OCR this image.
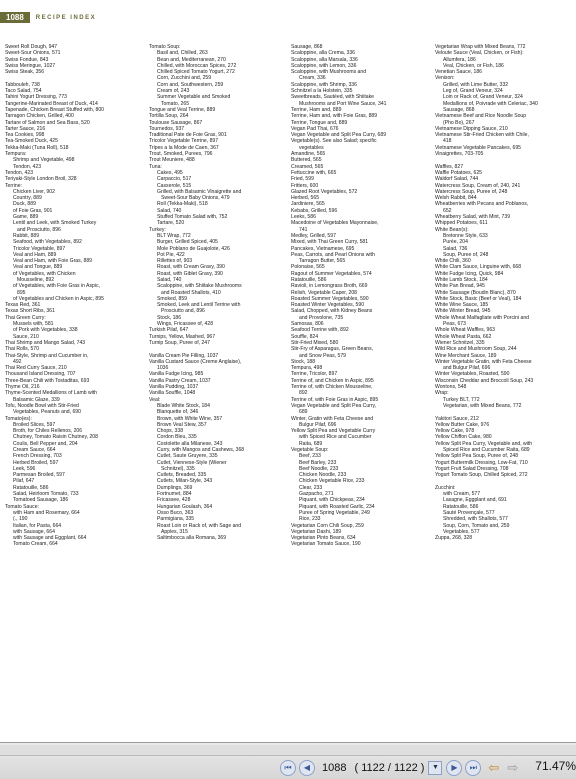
1088	RECIPE INDEX
Sweet Roll Dough, 947
Sweet-Sour Onions, 571
Swiss Fondue, 843
Swiss Meringue, 1027
Swiss Steak, 356

Tabbouleh, 738
Taco Salad, 754
Tahini Yogurt Dressing, 773
Tangerine-Marinated Breast of Duck, 414
Tapenade, Chicken Breast Stuffed with, 800
Tarragon Chicken, Grilled, 400
Tartare of Salmon and Sea Bass, 520
Tarter Sauce, 216
Tea Cookies, 998
Tea-Smoked Duck, 425
Tekka-Maki (Tuna Roll), 518
Tempura:
Shrimp and Vegetable, 498
Tendon, 423
Tendon, 423
Teriyaki-Style London Broil, 328
Terrine:
Chicken Liver, 902
Country, 889
Duck, 889
of Foie Gras, 901
Game, 889
Lentil and Leek, with Smoked Turkey
and Prosciutto, 896
Rabbit, 889
Seafood, with Vegetables, 892
Tricolor Vegetable, 897
Veal and Ham, 889
Veal and Ham, with Foie Gras, 889
Veal and Tongue, 889
of Vegetables, with Chicken
Mousseline, 892
of Vegetables, with Foie Gras in Aspic,
895
of Vegetables and Chicken in Aspic, 895
Texas Red, 361
Texas Short Ribs, 361
Thai Green Curry:
Mussels with, 581
of Pork with Vegetables, 338
Sauce, 210
Thai Shrimp and Mango Salad, 743
Thai Rolls, 570
Thai-Style, Shrimp and Cucumber in,
492
Thai Red Curry Sauce, 210
Thousand Island Dressing, 707
Three-Bean Chili with Tostaditas, 693
Thyme Oil, 216
Thyme-Scented Medallions of Lamb with
Balsamic Glaze, 339
Tofu, Noodle Bowl with Stir-Fried
Vegetables, Peanuts and, 690
Tomato(es):
Broiled Slices, 597
Broth, for Chiles Rellenos, 206
Chutney, Tomato Raisin Chutney, 208
Coulis, Bell Pepper and, 204
Cream Sauce, 664
French Dressing, 703
Herbed Broiled, 597
Leek, 596
Parmesan Broiled, 597
Pilaf, 647
Ratatouille, 586
Salad, Heirloom Tomato, 733
Tomatoed Sausage, 186
Tomato Sauce:
with Ham and Rosemary, 664
(., 190
Italian, for Pasta, 664
with Sausage, 664
with Sausage and Eggplant, 664
Tomato Cream, 664
Tomato Soup:
Basil and, Chilled, 263
Bean and, Mediterranean, 270
Chilled, with Moroccan Spices, 272
Chilled Spiced Tomato Yogurt, 272
Corn, Zucchini and, 259
Corn and, Southwestern, 259
Cream of, 243
Summer Vegetable and Smoked
Tomato, 265
Tongue and Veal Terrine, 889
Tortilla Soup, 264
Toulouse Sausage, 867
Tournedos, 937
Traditional Pate de Foie Gras, 901
Tricolor Vegetable Terrine, 897
Tripes a la Mode de Caen, 367
Trout, Smoked, Purees, 796
Trout Meuniere, 488
Tuna:
Cakes, 495
Carpaccio, 517
Casserole, 515
Grilled, with Balsamic Vinaigrette and
Sweet-Sour Baby Onions, 479
Roll (Tekka-Maki), 518
Salad, 740
Stuffed Tomato Salad with, 752
Tartare, 520
Turkey:
BLT Wrap, 772
Burger, Grilled Spiced, 405
Mole Poblano de Guajolote, 426
Pot Pie, 422
Rillettes of, 903
Roast, with Cream Gravy, 390
Roast, with Giblet Gravy, 390
Salad, 740
Scaloppine, with Shiitake Mushrooms
and Roasted Shallots, 410
Smoked, 859
Smoked, Leek and Lentil Terrine with
Prosciutto and, 896
Stock, 186
Wings, Fricassee of, 428
Turkish Pilaf, 647
Turnips, Yellow, Mashed, 967
Turnip Soup, Puree of, 247

Vanilla Cream Pie Filling, 1037
Vanilla Custard Sauce (Creme Anglaise),
1036
Vanilla Fudge Icing, 985
Vanilla Pastry Cream, 1037
Vanilla Pudding, 1037
Vanilla Souffle, 1048
Veal:
Blade White Stock, 184
Blanquette of, 346
Brown, with White Wine, 357
Brown Veal Stew, 357
Chops, 338
Cordon Bleu, 335
Costolette alla Milanese, 343
Curry, with Mangos and Cashews, 368
Cutlet, Saute Gruyere, 335
Cutlet, Viennese-Style (Wiener
Schnitzel), 335
Cutlets, Breaded, 335
Cutlets, Milan-Style, 343
Dumplings, 369
Fortnumet, 884
Fricassee, 428
Hungarian Goulash, 364
Osso Buco, 363
Parmigiana, 335
Roast Loin or Rack of, with Sage and
Apples, 315
Saltimbocca alla Romana, 369
Sausage, 868
Scaloppine, alla Crema, 336
Scaloppine, alla Marsala, 336
Scaloppine, with Lemon, 336
Scaloppine, with Mushrooms and
Cream, 336
Scaloppine, with Shrimp, 336
Schnitzel a la Holstein, 335
Sweetbreads, Sautéed, with Shiitake
Mushrooms and Port Wine Sauce, 341
Terrine, Ham and, 889
Terrine, Ham and, with Foie Gras, 889
Terrine, Tongue and, 889
Vegan Pad Thai, 676
Vegan Vegetable and Split Pea Curry, 689
Vegetable(s). See also Salad; specific
vegetables
Amandine, 565
Buttered, 565
Creamed, 565
Fettuccine with, 665
Fried, 599
Fritters, 600
Glazed Root Vegetables, 572
Herbed, 565
Jardiniere, 565
Kebabs, Grilled, 596
Leeks, 586
Macedoine of Vegetables Mayonnaise,
741
Medley, Grilled, 597
Mixed, with Thai Green Curry, 581
Pancakes, Vietnamese, 695
Peas, Carrots, and Pearl Onions with
Tarragon Butter, 565
Polonaise, 565
Ragout of Summer Vegetables, 574
Ratatouille, 586
Ravioli, in Lemongrass Broth, 669
Relish, Vegetable Caper, 208
Roasted Summer Vegetables, 590
Roasted Winter Vegetables, 590
Salad, Chopped, with Kidney Beans
and Provolone, 735
Samosas, 806
Seafood Terrine with, 892
Souffle, 824
Stir-Fried Mixed, 580
Stir-Fry of Asparagus, Green Beans,
and Snow Peas, 579
Stock, 188
Tempura, 498
Terrine, Tricolor, 897
Terrine of, and Chicken in Aspic, 895
Terrine of, with Chicken Mousseline,
892
Terrine of, with Foie Gras in Aspic, 895
Vegan Vegetable and Split Pea Curry,
689
Winter, Gratin with Feta Cheese and
Bulgur Pilaf, 696
Yellow Split Pea and Vegetable Curry
with Spiced Rice and Cucumber
Raita, 689
Vegetable Soup:
Beef, 233
Beef Barley, 233
Beef Noodle, 233
Chicken Noodle, 233
Chicken Vegetable Rice, 233
Clear, 233
Gazpacho, 271
Piquant, with Chickpeas, 234
Piquant, with Roasted Garlic, 234
Puree of Spring Vegetable, 249
Rice, 233
Vegetarian Corn Chili Soup, 259
Vegetarian Dashi, 189
Vegetarian Pinto Beans, 634
Vegetarian Tomato Sauce, 190
Vegetarian Wrap with Mixed Beans, 772
Veloute Sauce (Veal, Chicken, or Fish):
Allumfera, 186
Veal, Chicken, or Fish, 186
Venetian Sauce, 186
Venison:
Grilled, with Lime Butter, 332
Leg of, Grand Veneur, 324
Loin or Rack of, Grand Veneur, 324
Medallions of, Poivrade with Celeriac, 340
Sausage, 868
Vietnamese Beef and Rice Noodle Soup
(Pho Bo), 267
Vietnamese Dipping Sauce, 210
Vietnamese Stir-Fried Chicken with Chile,
418
Vietnamese Vegetable Pancakes, 695
Vinaigrettes, 703-705

Waffles, 827
Waffle Potatoes, 625
Waldorf Salad, 744
Watercress Soup, Cream of, 240, 241
Watercress Soup, Puree of, 248
Welsh Rabbit, 844
Wheatberries with Pecans and Poblanos,
652
Wheatberry Salad, with Mint, 739
Whipped Potatoes, 611
White Bean(s):
Bretonne Style, 633
Purée, 204
Salad, 736
Soup, Puree of, 248
White Chili, 360
White Clam Sauce, Linguine with, 668
White Fudge Icing, Quick, 984
White Lamb Stock, 184
White Pan Bread, 945
White Sausage (Boudin Blanc), 870
White Stock, Basic (Beef or Veal), 184
White Wine Sauce, 185
White Winter Bread, 945
Whole Wheat Malfagliate with Porcini and
Peas, 673
Whole Wheat Waffles, 963
Whole Wheat Pasta, 662
Wiener Schnitzel, 335
Wild Rice and Mushroom Soup, 244
Wine Merchant Sauce, 189
Winter Vegetable Gratin, with Feta Cheese
and Bulgur Pilaf, 696
Winter Vegetables, Roasted, 590
Wisconsin Cheddar and Broccoli Soup, 243
Wontons, 548
Wrap:
Turkey BLT, 772
Vegetarian, with Mixed Beans, 772

Yakitori Sauce, 212
Yellow Butter Cake, 976
Yellow Cake, 978
Yellow Chiffon Cake, 980
Yellow Split Pea Curry, Vegetable and, with
Spiced Rice and Cucumber Raita, 689
Yellow Split Pea Soup, Puree of, 248
Yogurt Buttermilk Dressing, Low-Fat, 710
Yogurt Fruit Salad Dressing, 708
Yogurt Tomato Soup, Chilled Spiced, 272

Zucchini:
with Cream, 577
Lasagne, Eggplant and, 691
Ratatouille, 586
Sauté Provençale, 577
Shredded, with Shallots, 577
Soup, Corn, Tomato and, 259
Vegetables, 577
Zuppa, 268, 328
⏮	◀	1088 ( 1122 / 1122 )	▼	▶	⏭ ⇦ ⇨ 71.47%
